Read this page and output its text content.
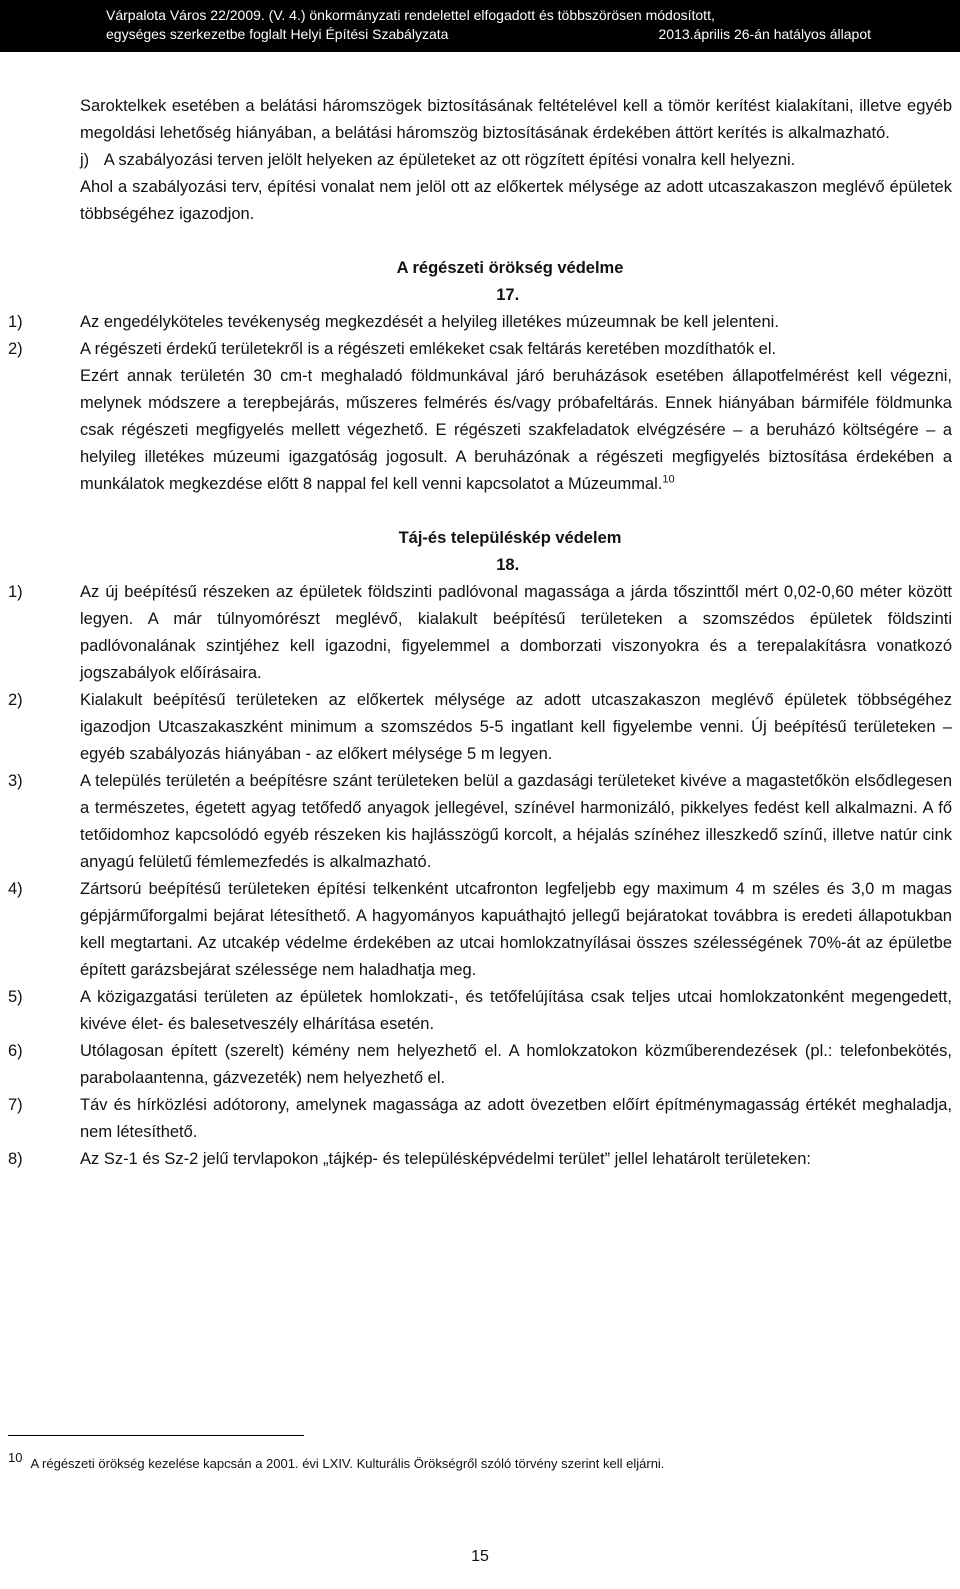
Várpalota Város 22/2009. (V. 4.) önkormányzati rendelettel elfogadott és többszörösen módosított,
egységes szerkezetbe foglalt Helyi Építési Szabályzata	2013.április 26-án hatályos állapot

Saroktelkek esetében a belátási háromszögek biztosításának feltételével kell a tömör kerítést kialakítani, illetve egyéb megoldási lehetőség hiányában, a belátási háromszög biztosításának érdekében áttört kerítés is alkalmazható.

j) A szabályozási terven jelölt helyeken az épületeket az ott rögzített építési vonalra kell helyezni.

Ahol a szabályozási terv, építési vonalat nem jelöl ott az előkertek mélysége az adott utcaszakaszon meglévő épületek többségéhez igazodjon.

A régészeti örökség védelme

17.

1)	Az engedélyköteles tevékenység megkezdését a helyileg illetékes múzeumnak be kell jelenteni.
2)	A régészeti érdekű területekről is a régészeti emlékeket csak feltárás keretében mozdíthatók el.

Ezért annak területén 30 cm-t meghaladó földmunkával járó beruházások esetében állapotfelmérést kell végezni, melynek módszere a terepbejárás, műszeres felmérés és/vagy próbafeltárás. Ennek hiányában bármiféle földmunka csak régészeti megfigyelés mellett végezhető. E régészeti szakfeladatok elvégzésére – a beruházó költségére – a helyileg illetékes múzeumi igazgatóság jogosult. A beruházónak a régészeti megfigyelés biztosítása érdekében a munkálatok megkezdése előtt 8 nappal fel kell venni kapcsolatot a Múzeummal.$^{10}$

Táj-és településkép védelem

18.

1)	Az új beépítésű részeken az épületek földszinti padlóvonal magassága a járda tőszinttől mért 0,02-0,60 méter között legyen. A már túlnyomórészt meglévő, kialakult beépítésű területeken a szomszédos épületek földszinti padlóvonalának szintjéhez kell igazodni, figyelemmel a domborzati viszonyokra és a terepalakításra vonatkozó jogszabályok előírásaira.
2)	Kialakult beépítésű területeken az előkertek mélysége az adott utcaszakaszon meglévő épületek többségéhez igazodjon Utcaszakaszként minimum a szomszédos 5-5 ingatlant kell figyelembe venni. Új beépítésű területeken – egyéb szabályozás hiányában - az előkert mélysége 5 m legyen.
3)	A település területén a beépítésre szánt területeken belül a gazdasági területeket kivéve a magastetőkön elsődlegesen a természetes, égetett agyag tetőfedő anyagok jellegével, színével harmonizáló, pikkelyes fedést kell alkalmazni. A fő tetőidomhoz kapcsolódó egyéb részeken kis hajlásszögű korcolt, a héjalás színéhez illeszkedő színű, illetve natúr cink anyagú felületű fémlemezfedés is alkalmazható.
4)	Zártsorú beépítésű területeken építési telkenként utcafronton legfeljebb egy maximum 4 m széles és 3,0 m magas gépjárműforgalmi bejárat létesíthető. A hagyományos kapuáthajtó jellegű bejáratokat továbbra is eredeti állapotukban kell megtartani. Az utcakép védelme érdekében az utcai homlokzatnyílásai összes szélességének 70%-át az épületbe épített garázsbejárat szélessége nem haladhatja meg.
5)	A közigazgatási területen az épületek homlokzati-, és tetőfelújítása csak teljes utcai homlokzatonként megengedett, kivéve élet- és balesetveszély elhárítása esetén.
6)	Utólagosan épített (szerelt) kémény nem helyezhető el. A homlokzatokon közműberendezések (pl.: telefonbekötés, parabolaantenna, gázvezeték) nem helyezhető el.
7)	Táv és hírközlési adótorony, amelynek magassága az adott övezetben előírt építménymagasság értékét meghaladja, nem létesíthető.
8)	Az Sz-1 és Sz-2 jelű tervlapokon „tájkép- és településképvédelmi terület” jellel lehatárolt területeken:
10 A régészeti örökség kezelése kapcsán a 2001. évi LXIV. Kulturális Örökségről szóló törvény szerint kell eljárni.
15
